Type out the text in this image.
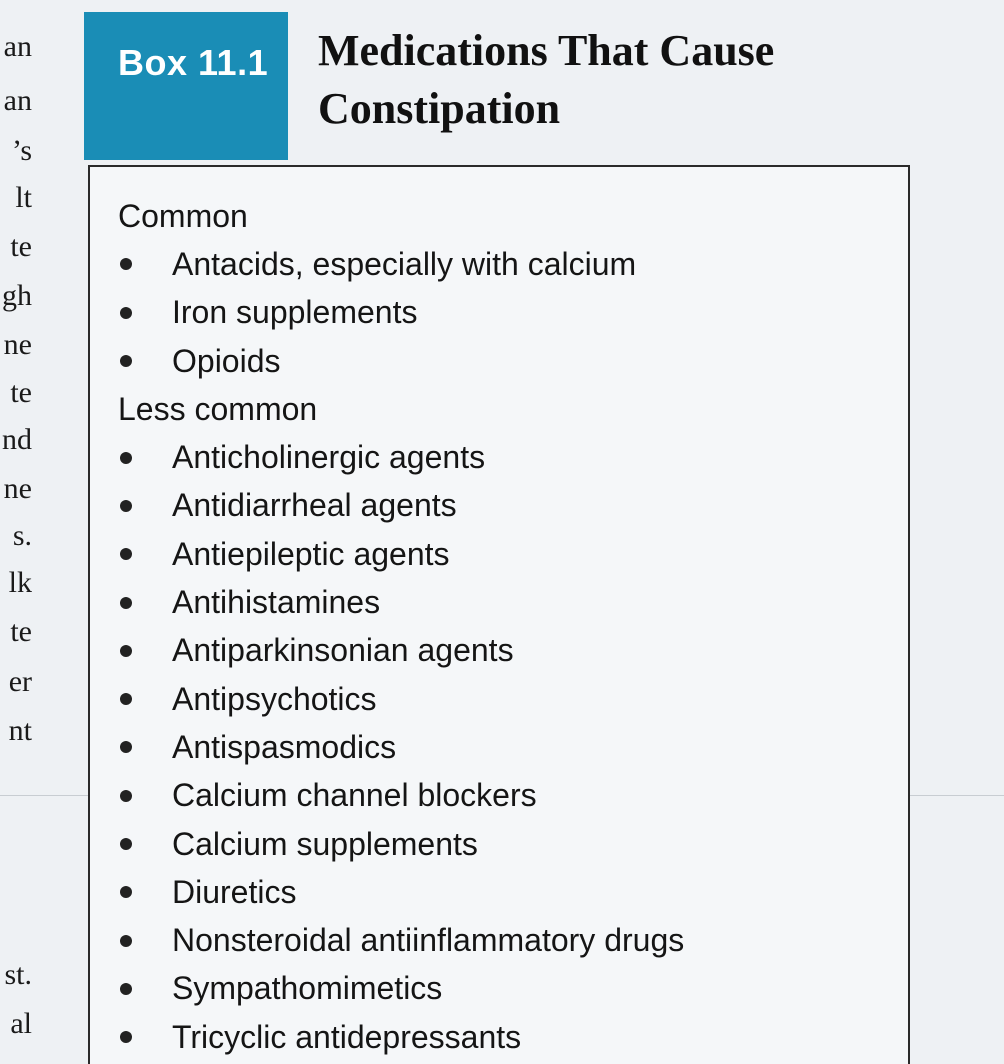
an
an
’s
lt
te
gh
ne
te
nd
ne
s.
lk
te
er
nt
st.
al
Box 11.1 Medications That Cause
Constipation
Common
Antacids, especially with calcium
Iron supplements
Opioids
Less common
Anticholinergic agents
Antidiarrheal agents
Antiepileptic agents
Antihistamines
Antiparkinsonian agents
Antipsychotics
Antispasmodics
Calcium channel blockers
Calcium supplements
Diuretics
Nonsteroidal antiinflammatory drugs
Sympathomimetics
Tricyclic antidepressants
